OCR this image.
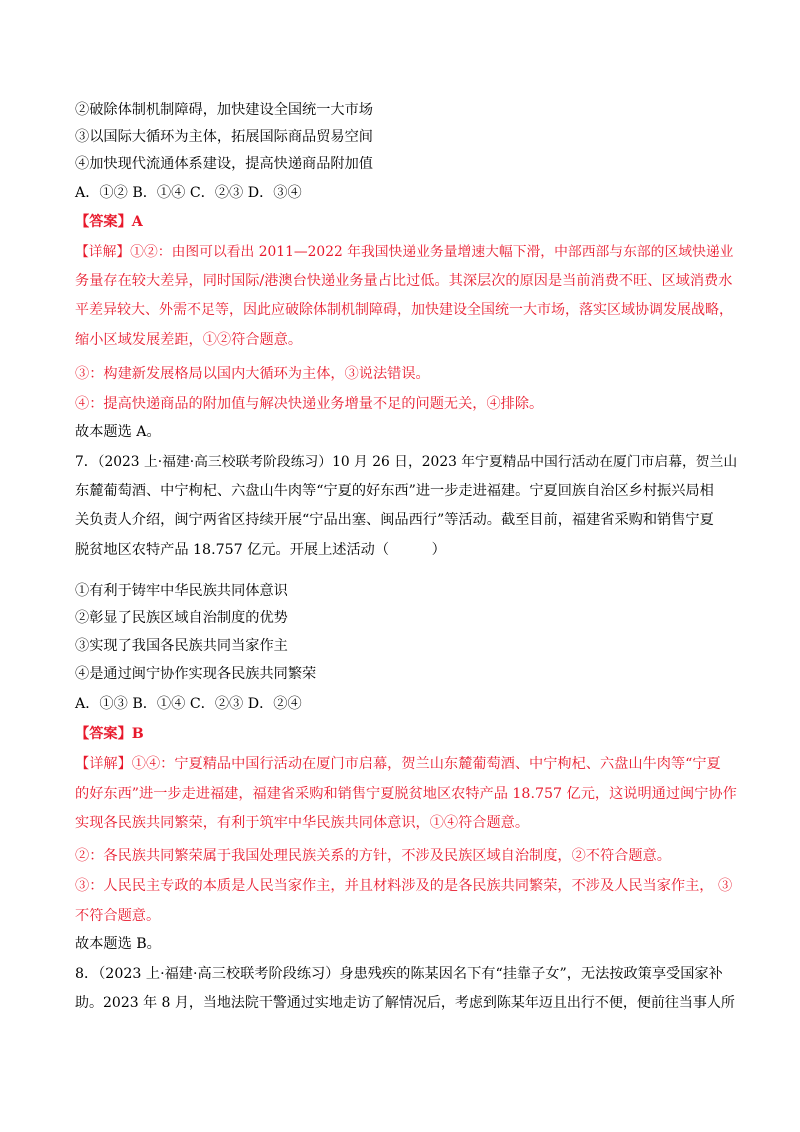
②破除体制机制障碍，加快建设全国统一大市场
③以国际大循环为主体，拓展国际商品贸易空间
④加快现代流通体系建设，提高快递商品附加值
A．①② B．①④ C．②③ D．③④
【答案】A
【详解】①②：由图可以看出 2011—2022 年我国快递业务量增速大幅下滑，中部西部与东部的区域快递业
务量存在较大差异，同时国际/港澳台快递业务量占比过低。其深层次的原因是当前消费不旺、区域消费水
平差异较大、外需不足等，因此应破除体制机制障碍，加快建设全国统一大市场，落实区域协调发展战略，
缩小区域发展差距，①②符合题意。
③：构建新发展格局以国内大循环为主体，③说法错误。
④：提高快递商品的附加值与解决快递业务增量不足的问题无关，④排除。
故本题选 A。
7．（2023 上·福建·高三校联考阶段练习）10 月 26 日，2023 年宁夏精品中国行活动在厦门市启幕，贺兰山
东麓葡萄酒、中宁枸杞、六盘山牛肉等“宁夏的好东西”进一步走进福建。宁夏回族自治区乡村振兴局相
关负责人介绍，闽宁两省区持续开展“宁品出塞、闽品西行”等活动。截至目前，福建省采购和销售宁夏
脱贫地区农特产品 18.757 亿元。开展上述活动（　　　）
①有利于铸牢中华民族共同体意识
②彰显了民族区域自治制度的优势
③实现了我国各民族共同当家作主
④是通过闽宁协作实现各民族共同繁荣
A．①③ B．①④ C．②③ D．②④
【答案】B
【详解】①④：宁夏精品中国行活动在厦门市启幕，贺兰山东麓葡萄酒、中宁枸杞、六盘山牛肉等“宁夏
的好东西”进一步走进福建，福建省采购和销售宁夏脱贫地区农特产品 18.757 亿元，这说明通过闽宁协作
实现各民族共同繁荣，有利于筑牢中华民族共同体意识，①④符合题意。
②：各民族共同繁荣属于我国处理民族关系的方针，不涉及民族区域自治制度，②不符合题意。
③：人民民主专政的本质是人民当家作主，并且材料涉及的是各民族共同繁荣，不涉及人民当家作主， ③
不符合题意。
故本题选 B。
8．（2023 上·福建·高三校联考阶段练习）身患残疾的陈某因名下有“挂靠子女”，无法按政策享受国家补
助。2023 年 8 月，当地法院干警通过实地走访了解情况后，考虑到陈某年迈且出行不便，便前往当事人所
